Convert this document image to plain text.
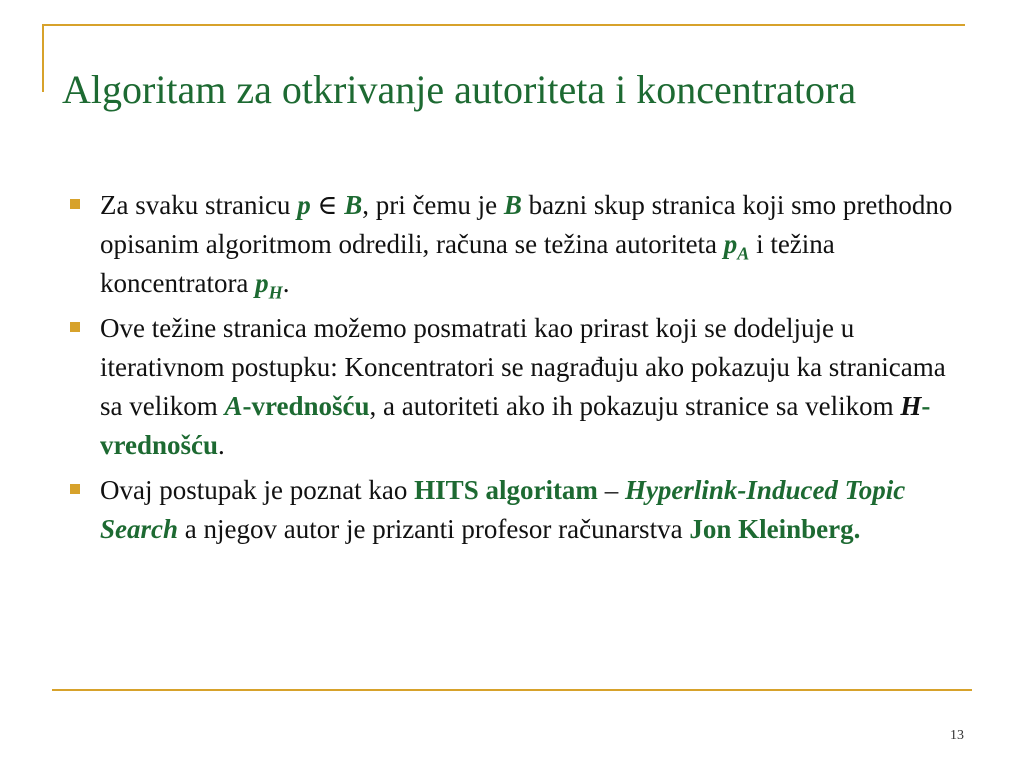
Algoritam za otkrivanje autoriteta i koncentratora
Za svaku stranicu p ∈ B, pri čemu je B bazni skup stranica koji smo prethodno opisanim algoritmom odredili, računa se težina autoriteta $p_A$ i težina koncentratora $p_H$.
Ove težine stranica možemo posmatrati kao prirast koji se dodeljuje u iterativnom postupku: Koncentratori se nagrađuju ako pokazuju ka stranicama sa velikom A-vrednošću, a autoriteti ako ih pokazuju stranice sa velikom H-vrednošću.
Ovaj postupak je poznat kao HITS algoritam – Hyperlink-Induced Topic Search a njegov autor je prizanti profesor računarstva Jon Kleinberg.
13
